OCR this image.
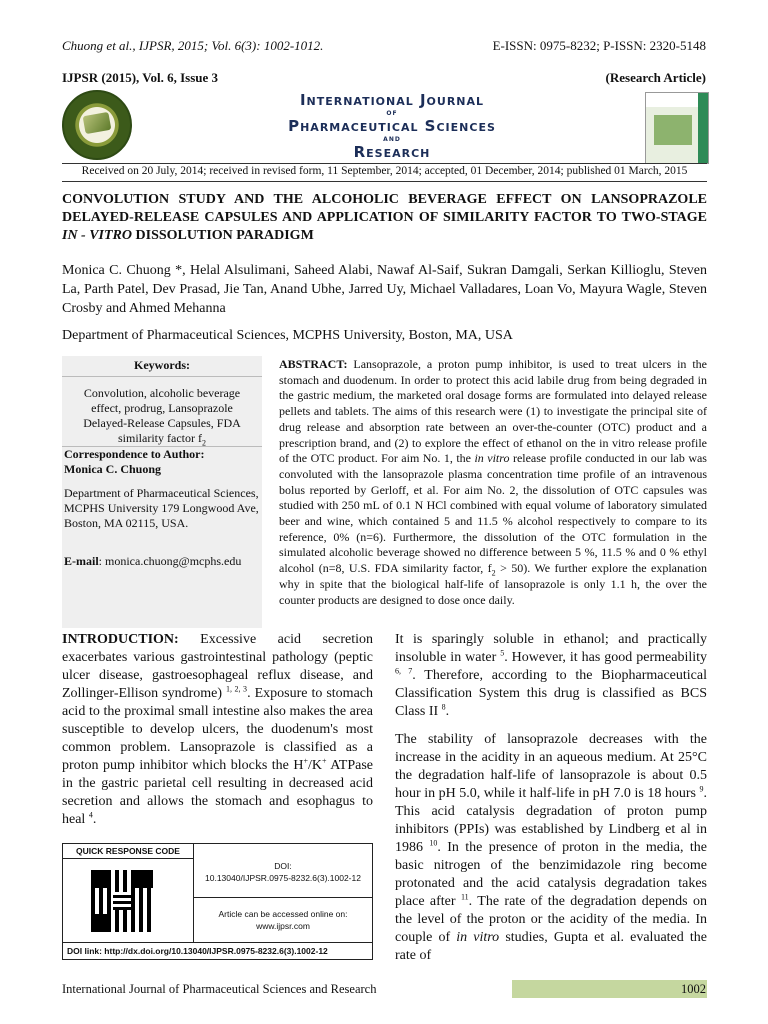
Chuong et al., IJPSR, 2015; Vol. 6(3): 1002-1012.	E-ISSN: 0975-8232; P-ISSN: 2320-5148
IJPSR (2015), Vol. 6, Issue 3	(Research Article)
International Journal
of
Pharmaceutical Sciences
and
Research
Received on 20 July, 2014; received in revised form, 11 September, 2014; accepted, 01 December, 2014; published 01 March, 2015
CONVOLUTION STUDY AND THE ALCOHOLIC BEVERAGE EFFECT ON LANSOPRAZOLE DELAYED-RELEASE CAPSULES AND APPLICATION OF SIMILARITY FACTOR TO TWO-STAGE IN - VITRO DISSOLUTION PARADIGM
Monica C. Chuong *, Helal Alsulimani, Saheed Alabi, Nawaf Al-Saif, Sukran Damgali, Serkan Killioglu, Steven La, Parth Patel, Dev Prasad, Jie Tan, Anand Ubhe, Jarred Uy, Michael Valladares, Loan Vo, Mayura Wagle, Steven Crosby and Ahmed Mehanna
Department of Pharmaceutical Sciences, MCPHS University, Boston, MA, USA
Keywords:
Convolution, alcoholic beverage effect, prodrug, Lansoprazole Delayed-Release Capsules, FDA similarity factor $f_2$
Correspondence to Author:
Monica C. Chuong
Department of Pharmaceutical Sciences, MCPHS University 179 Longwood Ave, Boston, MA 02115, USA.
E-mail: monica.chuong@mcphs.edu
ABSTRACT: Lansoprazole, a proton pump inhibitor, is used to treat ulcers in the stomach and duodenum. In order to protect this acid labile drug from being degraded in the gastric medium, the marketed oral dosage forms are formulated into delayed release pellets and tablets. The aims of this research were (1) to investigate the principal site of drug release and absorption rate between an over-the-counter (OTC) product and a prescription brand, and (2) to explore the effect of ethanol on the in vitro release profile of the OTC product. For aim No. 1, the in vitro release profile conducted in our lab was convoluted with the lansoprazole plasma concentration time profile of an intravenous bolus reported by Gerloff, et al. For aim No. 2, the dissolution of OTC capsules was studied with 250 mL of 0.1 N HCl combined with equal volume of laboratory simulated beer and wine, which contained 5 and 11.5 % alcohol respectively to compare to its reference, 0% (n=6). Furthermore, the dissolution of the OTC formulation in the simulated alcoholic beverage showed no difference between 5 %, 11.5 % and 0 % ethyl alcohol (n=8, U.S. FDA similarity factor, $f_2 > 50$). We further explore the explanation why in spite that the biological half-life of lansoprazole is only 1.1 h, the over the counter products are designed to dose once daily.
INTRODUCTION: Excessive acid secretion exacerbates various gastrointestinal pathology (peptic ulcer disease, gastroesophageal reflux disease, and Zollinger-Ellison syndrome) $^{1, 2, 3}$. Exposure to stomach acid to the proximal small intestine also makes the area susceptible to develop ulcers, the duodenum's most common problem. Lansoprazole is classified as a proton pump inhibitor which blocks the H+/K+ ATPase in the gastric parietal cell resulting in decreased acid secretion and allows the stomach and esophagus to heal $^4$.

It is sparingly soluble in ethanol; and practically insoluble in water $^5$. However, it has good permeability $^{6, 7}$. Therefore, according to the Biopharmaceutical Classification System this drug is classified as BCS Class II $^8$.

The stability of lansoprazole decreases with the increase in the acidity in an aqueous medium. At 25°C the degradation half-life of lansoprazole is about 0.5 hour in pH 5.0, while it half-life in pH 7.0 is 18 hours $^9$. This acid catalysis degradation of proton pump inhibitors (PPIs) was established by Lindberg et al in 1986 $^{10}$. In the presence of proton in the media, the basic nitrogen of the benzimidazole ring become protonated and the acid catalysis degradation takes place after $^{11}$. The rate of the degradation depends on the level of the proton or the acidity of the media. In couple of in vitro studies, Gupta et al. evaluated the rate of

QUICK RESPONSE CODE
DOI:
10.13040/IJPSR.0975-8232.6(3).1002-12
Article can be accessed online on:
www.ijpsr.com
DOI link: http://dx.doi.org/10.13040/IJPSR.0975-8232.6(3).1002-12
International Journal of Pharmaceutical Sciences and Research	1002
